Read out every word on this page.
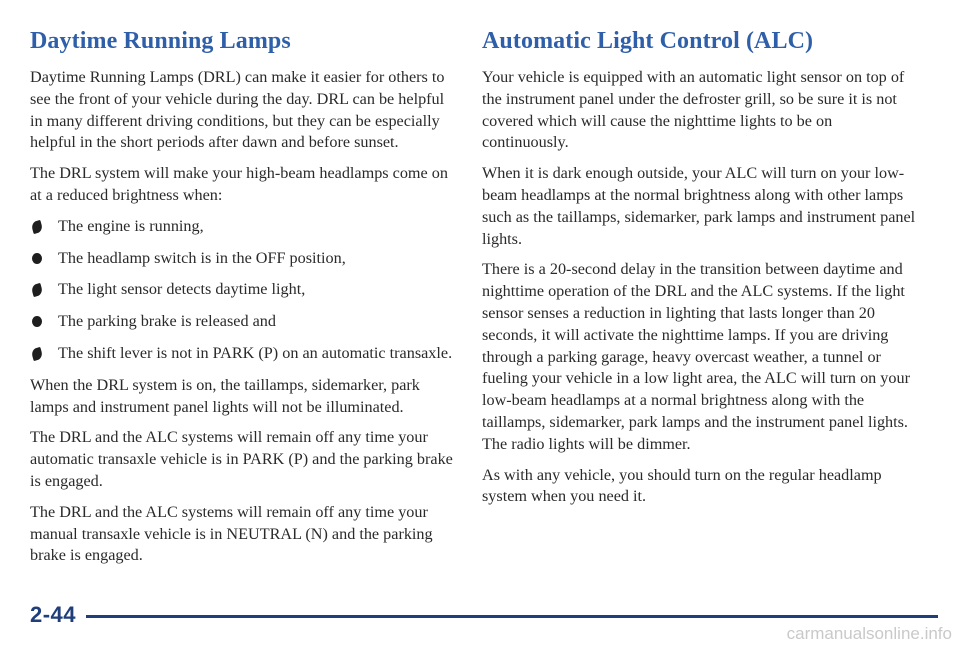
Daytime Running Lamps

Daytime Running Lamps (DRL) can make it easier for others to see the front of your vehicle during the day. DRL can be helpful in many different driving conditions, but they can be especially helpful in the short periods after dawn and before sunset.

The DRL system will make your high-beam headlamps come on at a reduced brightness when:

The engine is running,
The headlamp switch is in the OFF position,
The light sensor detects daytime light,
The parking brake is released and
The shift lever is not in PARK (P) on an automatic transaxle.

When the DRL system is on, the taillamps, sidemarker, park lamps and instrument panel lights will not be illuminated.

The DRL and the ALC systems will remain off any time your automatic transaxle vehicle is in PARK (P) and the parking brake is engaged.

The DRL and the ALC systems will remain off any time your manual transaxle vehicle is in NEUTRAL (N) and the parking brake is engaged.

Automatic Light Control (ALC)

Your vehicle is equipped with an automatic light sensor on top of the instrument panel under the defroster grill, so be sure it is not covered which will cause the nighttime lights to be on continuously.

When it is dark enough outside, your ALC will turn on your low-beam headlamps at the normal brightness along with other lamps such as the taillamps, sidemarker, park lamps and instrument panel lights.

There is a 20-second delay in the transition between daytime and nighttime operation of the DRL and the ALC systems. If the light sensor senses a reduction in lighting that lasts longer than 20 seconds, it will activate the nighttime lamps. If you are driving through a parking garage, heavy overcast weather, a tunnel or fueling your vehicle in a low light area, the ALC will turn on your low-beam headlamps at a normal brightness along with the taillamps, sidemarker, park lamps and the instrument panel lights. The radio lights will be dimmer.

As with any vehicle, you should turn on the regular headlamp system when you need it.

2-44
carmanualsonline.info
